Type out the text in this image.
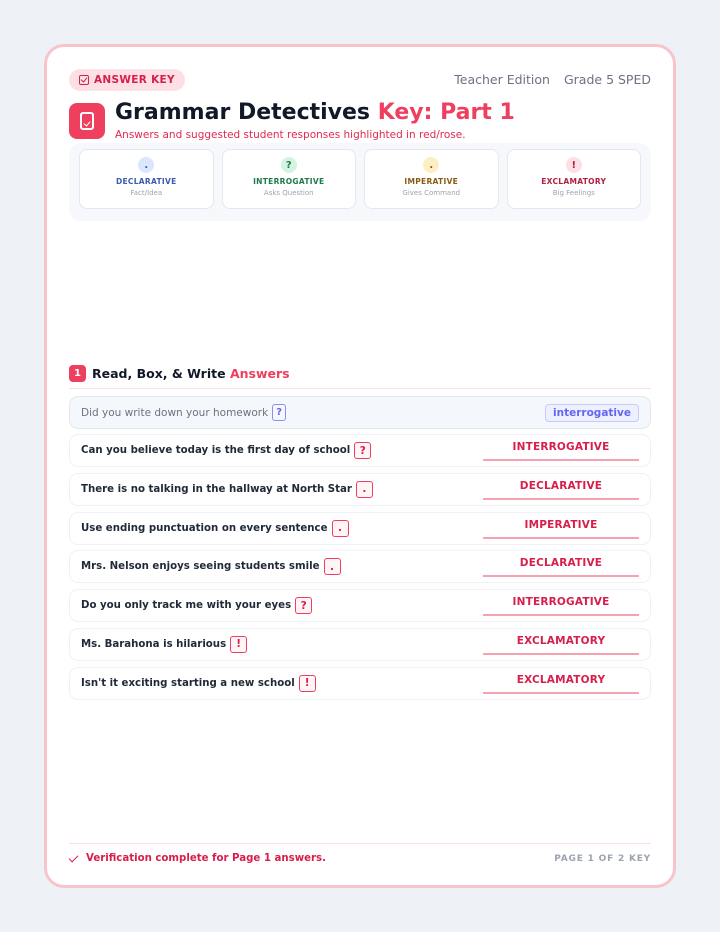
ANSWER KEY	Teacher Edition Grade 5 SPED
Grammar Detectives Key: Part 1
Answers and suggested student responses highlighted in red/rose.
.
DECLARATIVE
Fact/Idea
?
INTERROGATIVE
Asks Question
.
IMPERATIVE
Gives Command
!
EXCLAMATORY
Big Feelings
1 Read, Box, & Write Answers
Did you write down your homework ?	interrogative
Can you believe today is the first day of school ?	INTERROGATIVE
There is no talking in the hallway at North Star	.	DECLARATIVE
Use ending punctuation on every sentence	.	IMPERATIVE
Mrs. Nelson enjoys seeing students smile	.	DECLARATIVE
Do you only track me with your eyes ?	INTERROGATIVE
Ms. Barahona is hilarious !	EXCLAMATORY
Isn't it exciting starting a new school !	EXCLAMATORY
Verification complete for Page 1 answers.	PAGE 1 OF 2 KEY
